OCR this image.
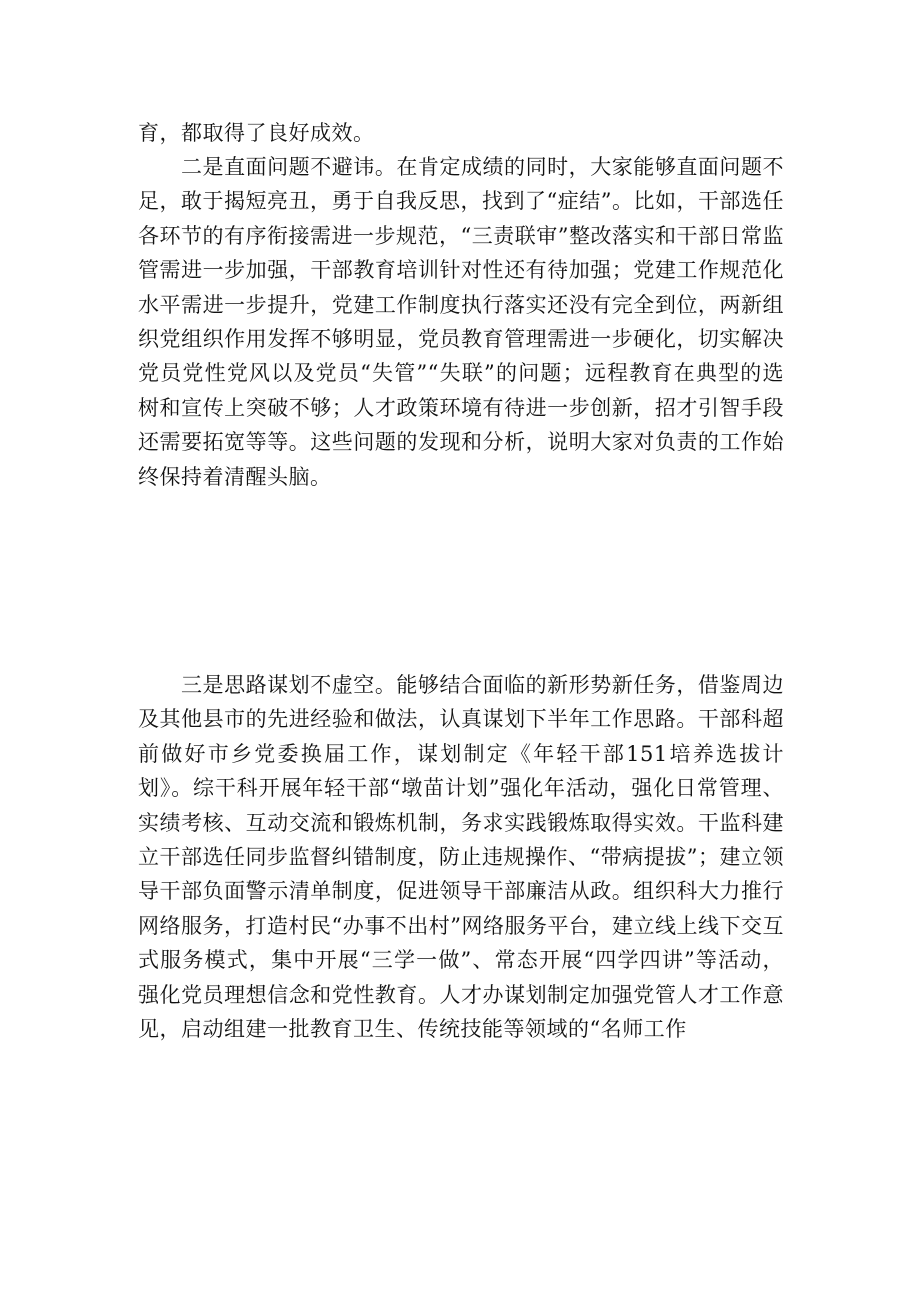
育，都取得了良好成效。

二是直面问题不避讳。在肯定成绩的同时，大家能够直面问题不足，敢于揭短亮丑，勇于自我反思，找到了“症结”。比如，干部选任各环节的有序衔接需进一步规范，“三责联审”整改落实和干部日常监管需进一步加强，干部教育培训针对性还有待加强；党建工作规范化水平需进一步提升，党建工作制度执行落实还没有完全到位，两新组织党组织作用发挥不够明显，党员教育管理需进一步硬化，切实解决党员党性党风以及党员“失管”“失联”的问题；远程教育在典型的选树和宣传上突破不够；人才政策环境有待进一步创新，招才引智手段还需要拓宽等等。这些问题的发现和分析，说明大家对负责的工作始终保持着清醒头脑。

三是思路谋划不虚空。能够结合面临的新形势新任务，借鉴周边及其他县市的先进经验和做法，认真谋划下半年工作思路。干部科超前做好市乡党委换届工作，谋划制定《年轻干部151培养选拔计划》。综干科开展年轻干部“墩苗计划”强化年活动，强化日常管理、实绩考核、互动交流和锻炼机制，务求实践锻炼取得实效。干监科建立干部选任同步监督纠错制度，防止违规操作、“带病提拔”；建立领导干部负面警示清单制度，促进领导干部廉洁从政。组织科大力推行网络服务，打造村民“办事不出村”网络服务平台，建立线上线下交互式服务模式，集中开展“三学一做”、常态开展“四学四讲”等活动，强化党员理想信念和党性教育。人才办谋划制定加强党管人才工作意见，启动组建一批教育卫生、传统技能等领域的“名师工作
